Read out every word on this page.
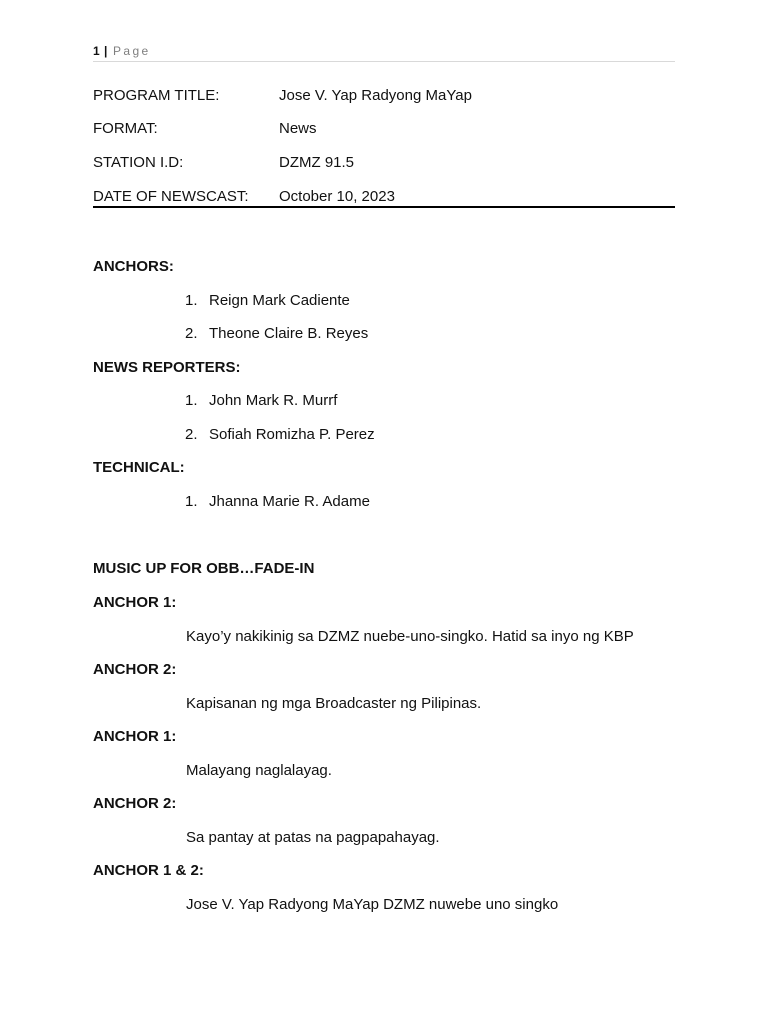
1 | Page
PROGRAM TITLE:	Jose V. Yap Radyong MaYap
FORMAT:	News
STATION I.D:	DZMZ 91.5
DATE OF NEWSCAST: October 10, 2023
ANCHORS:
1. Reign Mark Cadiente
2. Theone Claire B. Reyes
NEWS REPORTERS:
1. John Mark R. Murrf
2. Sofiah Romizha P. Perez
TECHNICAL:
1. Jhanna Marie R. Adame
MUSIC UP FOR OBB…FADE-IN
ANCHOR 1:
Kayo’y nakikinig sa DZMZ nuebe-uno-singko. Hatid sa inyo ng KBP
ANCHOR 2:
Kapisanan ng mga Broadcaster ng Pilipinas.
ANCHOR 1:
Malayang naglalayag.
ANCHOR 2:
Sa pantay at patas na pagpapahayag.
ANCHOR 1 & 2:
Jose V. Yap Radyong MaYap DZMZ nuwebe uno singko
